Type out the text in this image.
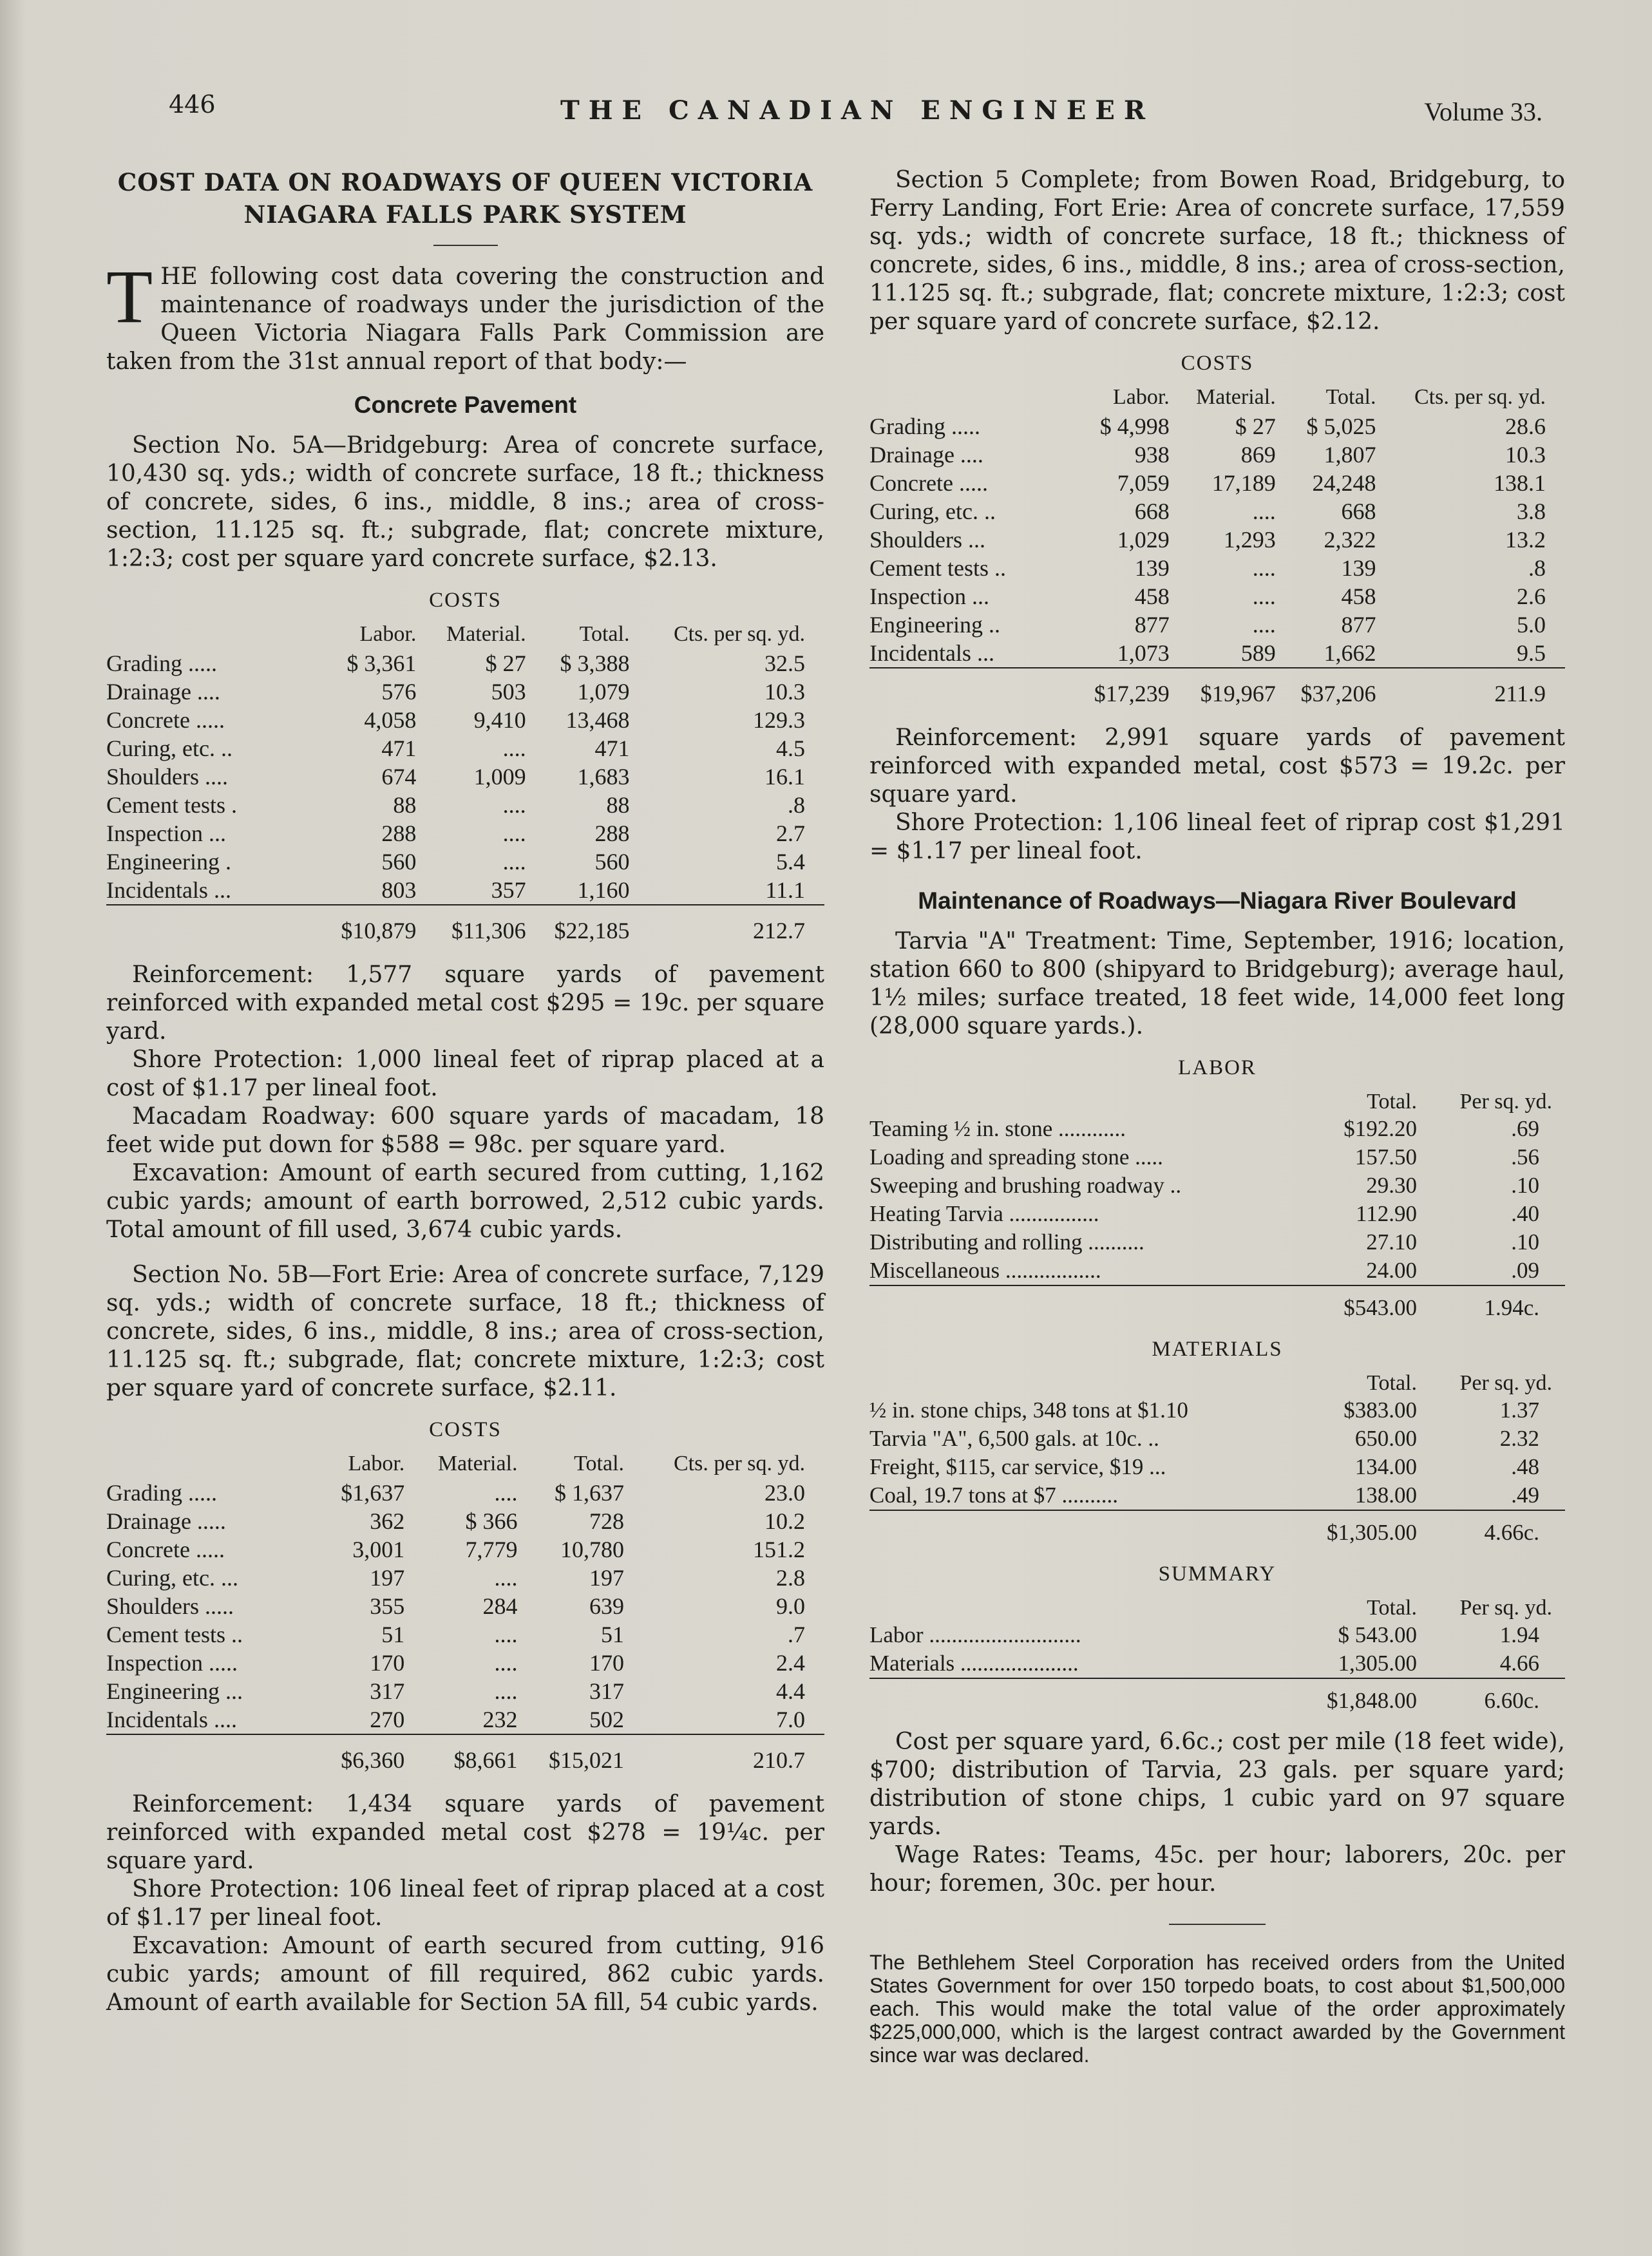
446	THE CANADIAN ENGINEER	Volume 33.
COST DATA ON ROADWAYS OF QUEEN VICTORIA
NIAGARA FALLS PARK SYSTEM

THE following cost data covering the construction and maintenance of roadways under the jurisdiction of the Queen Victoria Niagara Falls Park Commission are taken from the 31st annual report of that body:—

Concrete Pavement

Section No. 5A—Bridgeburg: Area of concrete surface, 10,430 sq. yds.; width of concrete surface, 18 ft.; thickness of concrete, sides, 6 ins., middle, 8 ins.; area of cross-section, 11.125 sq. ft.; subgrade, flat; concrete mixture, 1:2:3; cost per square yard concrete surface, $2.13.

COSTS
	Labor.	Material.	Total.	Cts. per sq. yd.
Grading .....	$ 3,361	$ 27	$ 3,388	32.5
Drainage ....	576	503	1,079	10.3
Concrete .....	4,058	9,410	13,468	129.3
Curing, etc. ..	471	....	471	4.5
Shoulders ....	674	1,009	1,683	16.1
Cement tests .	88	....	88	.8
Inspection ...	288	....	288	2.7
Engineering .	560	....	560	5.4
Incidentals ...	803	357	1,160	11.1
	$10,879	$11,306	$22,185	212.7

Reinforcement: 1,577 square yards of pavement reinforced with expanded metal cost $295 = 19c. per square yard.

Shore Protection: 1,000 lineal feet of riprap placed at a cost of $1.17 per lineal foot.

Macadam Roadway: 600 square yards of macadam, 18 feet wide put down for $588 = 98c. per square yard.

Excavation: Amount of earth secured from cutting, 1,162 cubic yards; amount of earth borrowed, 2,512 cubic yards. Total amount of fill used, 3,674 cubic yards.

Section No. 5B—Fort Erie: Area of concrete surface, 7,129 sq. yds.; width of concrete surface, 18 ft.; thickness of concrete, sides, 6 ins., middle, 8 ins.; area of cross-section, 11.125 sq. ft.; subgrade, flat; concrete mixture, 1:2:3; cost per square yard of concrete surface, $2.11.

COSTS
	Labor.	Material.	Total.	Cts. per sq. yd.
Grading .....	$1,637	....	$ 1,637	23.0
Drainage .....	362	$ 366	728	10.2
Concrete .....	3,001	7,779	10,780	151.2
Curing, etc. ...	197	....	197	2.8
Shoulders .....	355	284	639	9.0
Cement tests ..	51	....	51	.7
Inspection .....	170	....	170	2.4
Engineering ...	317	....	317	4.4
Incidentals ....	270	232	502	7.0
	$6,360	$8,661	$15,021	210.7

Reinforcement: 1,434 square yards of pavement reinforced with expanded metal cost $278 = 19¼c. per square yard.

Shore Protection: 106 lineal feet of riprap placed at a cost of $1.17 per lineal foot.

Excavation: Amount of earth secured from cutting, 916 cubic yards; amount of fill required, 862 cubic yards. Amount of earth available for Section 5A fill, 54 cubic yards.

Section 5 Complete; from Bowen Road, Bridgeburg, to Ferry Landing, Fort Erie: Area of concrete surface, 17,559 sq. yds.; width of concrete surface, 18 ft.; thickness of concrete, sides, 6 ins., middle, 8 ins.; area of cross-section, 11.125 sq. ft.; subgrade, flat; concrete mixture, 1:2:3; cost per square yard of concrete surface, $2.12.

COSTS
	Labor.	Material.	Total.	Cts. per sq. yd.
Grading .....	$ 4,998	$ 27	$ 5,025	28.6
Drainage ....	938	869	1,807	10.3
Concrete .....	7,059	17,189	24,248	138.1
Curing, etc. ..	668	....	668	3.8
Shoulders ...	1,029	1,293	2,322	13.2
Cement tests ..	139	....	139	.8
Inspection ...	458	....	458	2.6
Engineering ..	877	....	877	5.0
Incidentals ...	1,073	589	1,662	9.5
	$17,239	$19,967	$37,206	211.9

Reinforcement: 2,991 square yards of pavement reinforced with expanded metal, cost $573 = 19.2c. per square yard.

Shore Protection: 1,106 lineal feet of riprap cost $1,291 = $1.17 per lineal foot.

Maintenance of Roadways—Niagara River Boulevard

Tarvia "A" Treatment: Time, September, 1916; location, station 660 to 800 (shipyard to Bridgeburg); average haul, 1½ miles; surface treated, 18 feet wide, 14,000 feet long (28,000 square yards.).

LABOR
	Total.	Per sq. yd.
Teaming ½ in. stone ............	$192.20	.69
Loading and spreading stone .....	157.50	.56
Sweeping and brushing roadway ..	29.30	.10
Heating Tarvia ................	112.90	.40
Distributing and rolling ..........	27.10	.10
Miscellaneous .................	24.00	.09
	$543.00	1.94c.
MATERIALS
	Total.	Per sq. yd.
½ in. stone chips, 348 tons at $1.10	$383.00	1.37
Tarvia "A", 6,500 gals. at 10c. ..	650.00	2.32
Freight, $115, car service, $19 ...	134.00	.48
Coal, 19.7 tons at $7 ..........	138.00	.49
	$1,305.00	4.66c.
SUMMARY
	Total.	Per sq. yd.
Labor ...........................	$ 543.00	1.94
Materials .....................	1,305.00	4.66
	$1,848.00	6.60c.

Cost per square yard, 6.6c.; cost per mile (18 feet wide), $700; distribution of Tarvia, 23 gals. per square yard; distribution of stone chips, 1 cubic yard on 97 square yards.

Wage Rates: Teams, 45c. per hour; laborers, 20c. per hour; foremen, 30c. per hour.

The Bethlehem Steel Corporation has received orders from the United States Government for over 150 torpedo boats, to cost about $1,500,000 each. This would make the total value of the order approximately $225,000,000, which is the largest contract awarded by the Government since war was declared.
